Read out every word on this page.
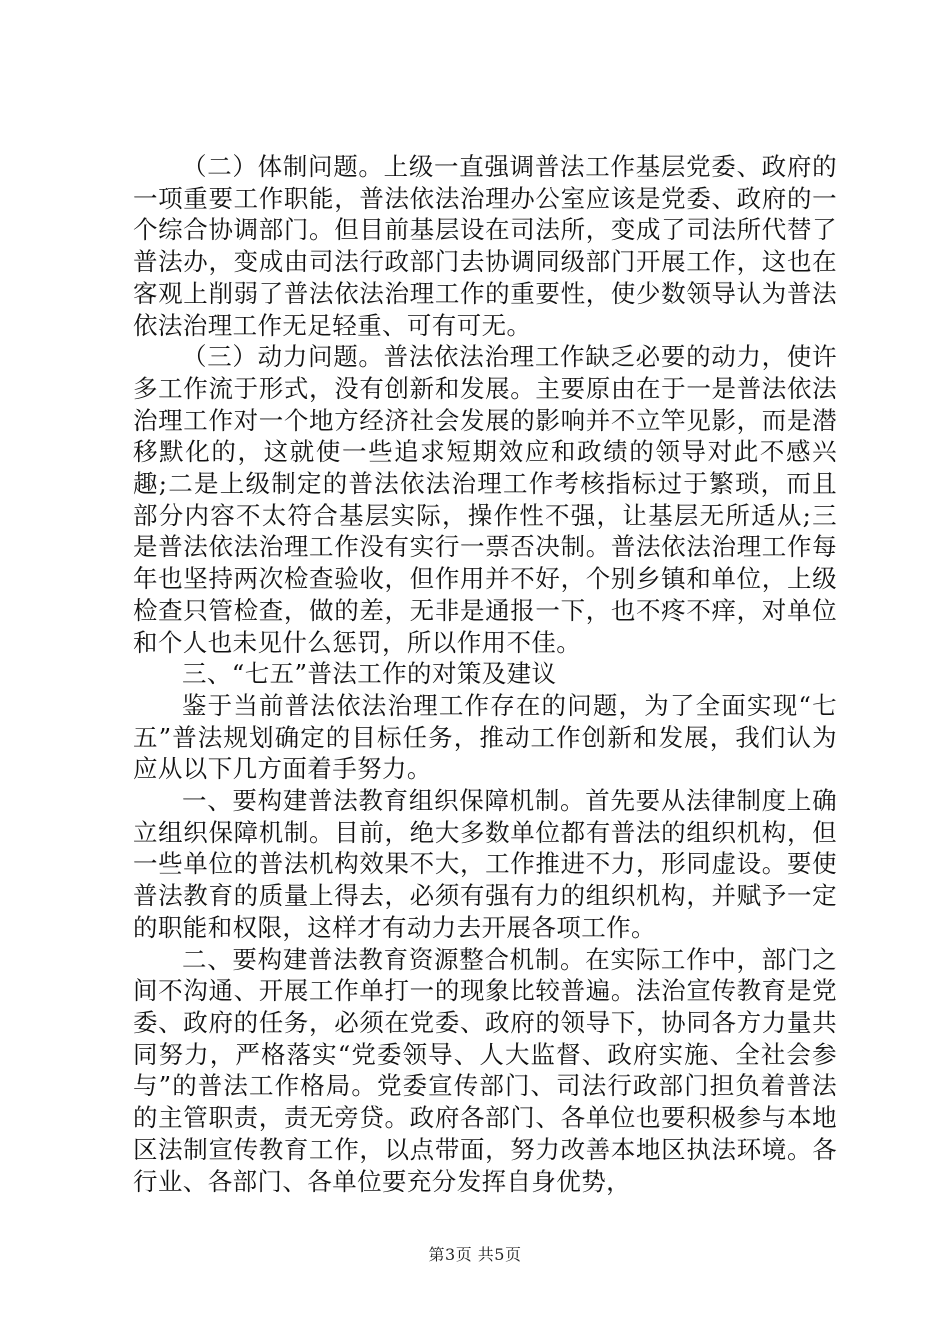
（二）体制问题。上级一直强调普法工作基层党委、政府的一项重要工作职能，普法依法治理办公室应该是党委、政府的一个综合协调部门。但目前基层设在司法所，变成了司法所代替了普法办，变成由司法行政部门去协调同级部门开展工作，这也在客观上削弱了普法依法治理工作的重要性，使少数领导认为普法依法治理工作无足轻重、可有可无。

（三）动力问题。普法依法治理工作缺乏必要的动力，使许多工作流于形式，没有创新和发展。主要原由在于一是普法依法治理工作对一个地方经济社会发展的影响并不立竿见影，而是潜移默化的，这就使一些追求短期效应和政绩的领导对此不感兴趣;二是上级制定的普法依法治理工作考核指标过于繁琐，而且部分内容不太符合基层实际，操作性不强，让基层无所适从;三是普法依法治理工作没有实行一票否决制。普法依法治理工作每年也坚持两次检查验收，但作用并不好，个别乡镇和单位，上级检查只管检查，做的差，无非是通报一下，也不疼不痒，对单位和个人也未见什么惩罚，所以作用不佳。

三、“七五”普法工作的对策及建议

鉴于当前普法依法治理工作存在的问题，为了全面实现“七五”普法规划确定的目标任务，推动工作创新和发展，我们认为应从以下几方面着手努力。

一、要构建普法教育组织保障机制。首先要从法律制度上确立组织保障机制。目前，绝大多数单位都有普法的组织机构，但一些单位的普法机构效果不大，工作推进不力，形同虚设。要使普法教育的质量上得去，必须有强有力的组织机构，并赋予一定的职能和权限，这样才有动力去开展各项工作。

二、要构建普法教育资源整合机制。在实际工作中，部门之间不沟通、开展工作单打一的现象比较普遍。法治宣传教育是党委、政府的任务，必须在党委、政府的领导下，协同各方力量共同努力，严格落实“党委领导、人大监督、政府实施、全社会参与”的普法工作格局。党委宣传部门、司法行政部门担负着普法的主管职责，责无旁贷。政府各部门、各单位也要积极参与本地区法制宣传教育工作，以点带面，努力改善本地区执法环境。各行业、各部门、各单位要充分发挥自身优势，

第3页 共5页
